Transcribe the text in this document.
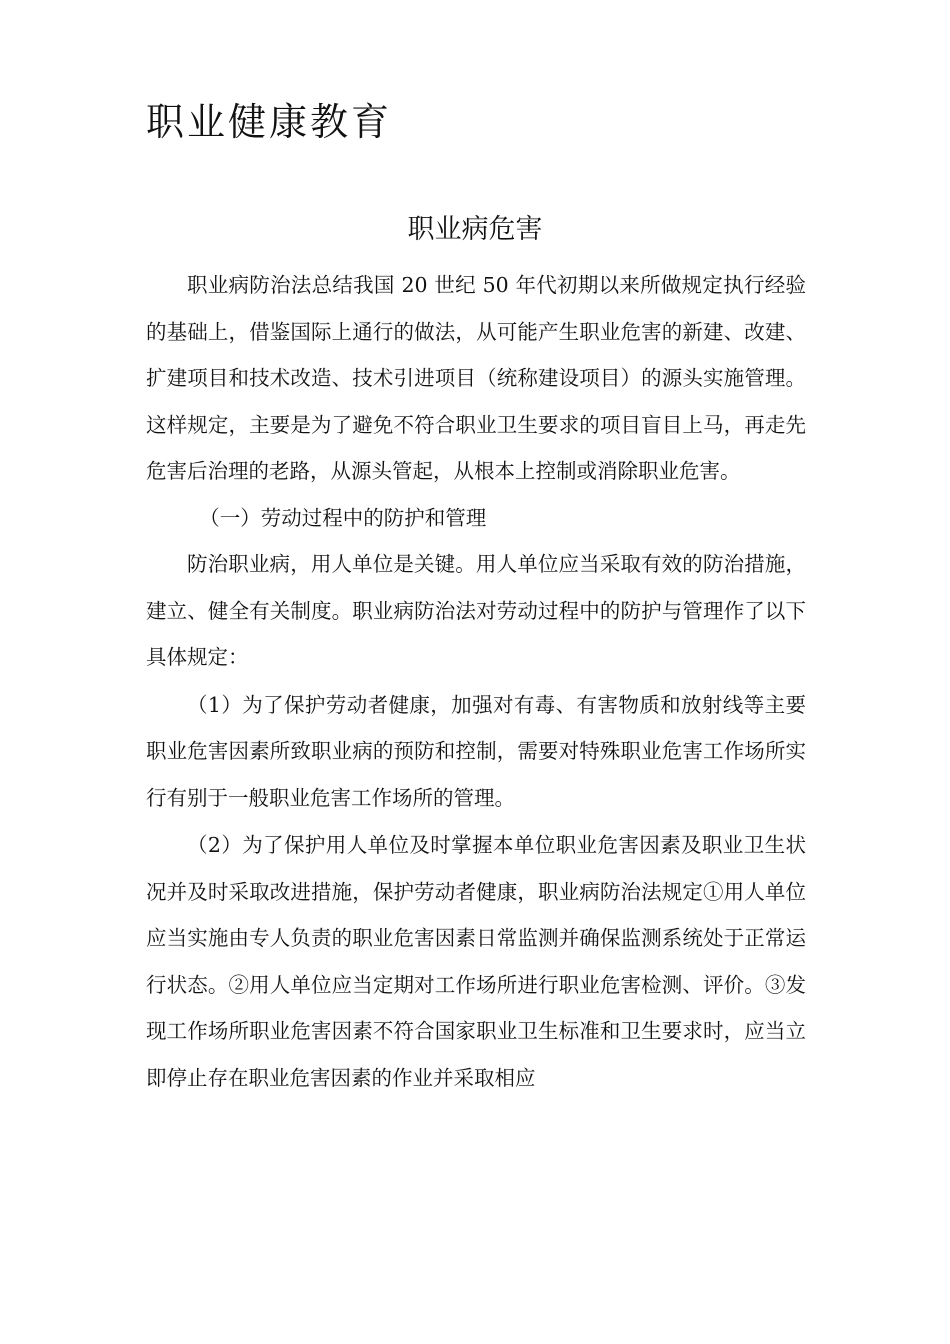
职业健康教育
职业病危害

职业病防治法总结我国 20 世纪 50 年代初期以来所做规定执行经验的基础上，借鉴国际上通行的做法，从可能产生职业危害的新建、改建、扩建项目和技术改造、技术引进项目（统称建设项目）的源头实施管理。这样规定，主要是为了避免不符合职业卫生要求的项目盲目上马，再走先危害后治理的老路，从源头管起，从根本上控制或消除职业危害。

（一）劳动过程中的防护和管理

防治职业病，用人单位是关键。用人单位应当采取有效的防治措施，建立、健全有关制度。职业病防治法对劳动过程中的防护与管理作了以下具体规定：

（1）为了保护劳动者健康，加强对有毒、有害物质和放射线等主要职业危害因素所致职业病的预防和控制，需要对特殊职业危害工作场所实行有别于一般职业危害工作场所的管理。

（2）为了保护用人单位及时掌握本单位职业危害因素及职业卫生状况并及时采取改进措施，保护劳动者健康，职业病防治法规定①用人单位应当实施由专人负责的职业危害因素日常监测并确保监测系统处于正常运行状态。②用人单位应当定期对工作场所进行职业危害检测、评价。③发现工作场所职业危害因素不符合国家职业卫生标准和卫生要求时，应当立即停止存在职业危害因素的作业并采取相应
